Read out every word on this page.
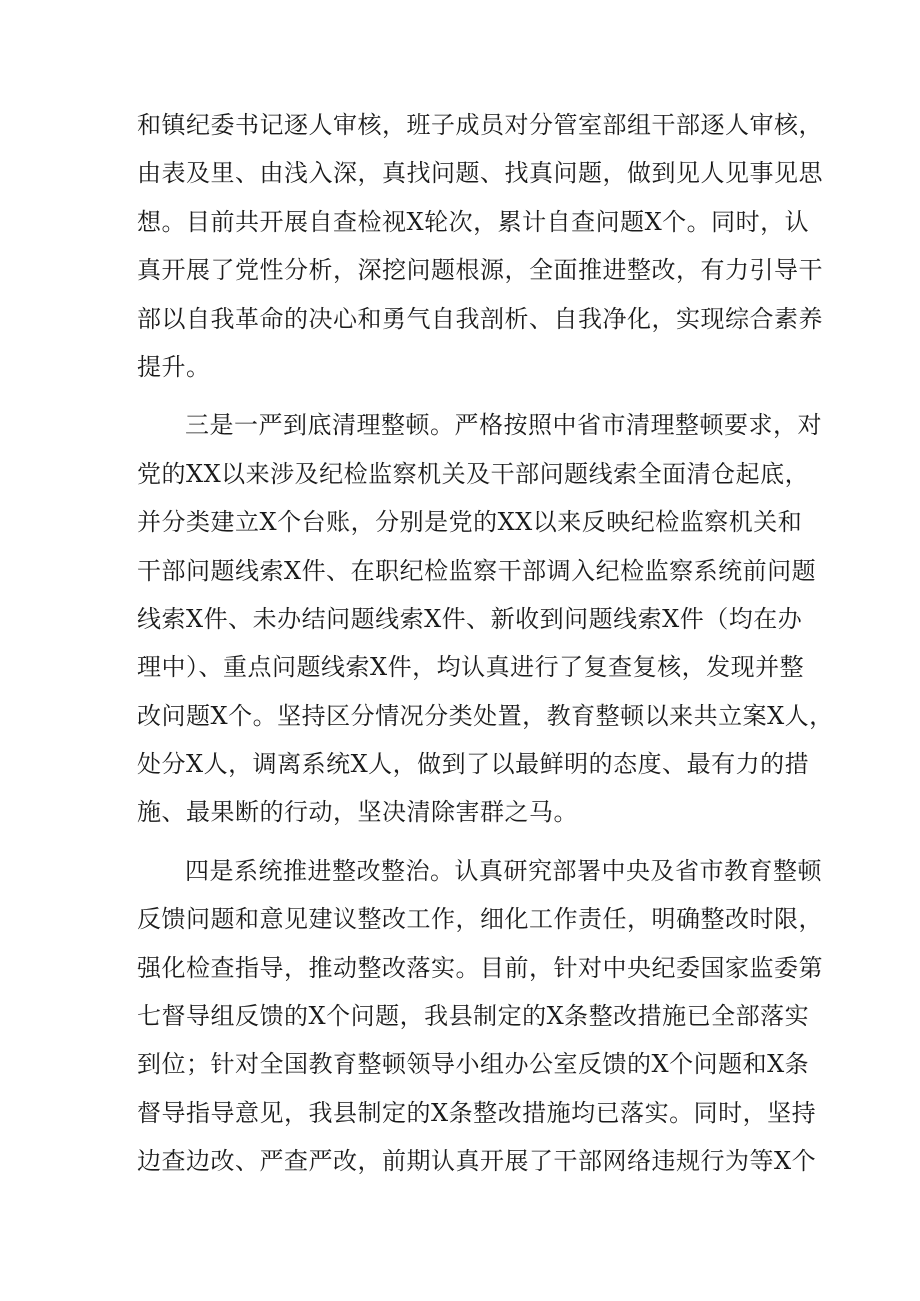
和镇纪委书记逐人审核，班子成员对分管室部组干部逐人审核，
由表及里、由浅入深，真找问题、找真问题，做到见人见事见思
想。目前共开展自查检视X轮次，累计自查问题X个。同时，认
真开展了党性分析，深挖问题根源，全面推进整改，有力引导干
部以自我革命的决心和勇气自我剖析、自我净化，实现综合素养
提升。
三是一严到底清理整顿。严格按照中省市清理整顿要求，对
党的XX以来涉及纪检监察机关及干部问题线索全面清仓起底，
并分类建立X个台账，分别是党的XX以来反映纪检监察机关和
干部问题线索X件、在职纪检监察干部调入纪检监察系统前问题
线索X件、未办结问题线索X件、新收到问题线索X件（均在办
理中）、重点问题线索X件，均认真进行了复查复核，发现并整
改问题X个。坚持区分情况分类处置，教育整顿以来共立案X人，
处分X人，调离系统X人，做到了以最鲜明的态度、最有力的措
施、最果断的行动，坚决清除害群之马。
四是系统推进整改整治。认真研究部署中央及省市教育整顿
反馈问题和意见建议整改工作，细化工作责任，明确整改时限，
强化检查指导，推动整改落实。目前，针对中央纪委国家监委第
七督导组反馈的X个问题，我县制定的X条整改措施已全部落实
到位；针对全国教育整顿领导小组办公室反馈的X个问题和X条
督导指导意见，我县制定的X条整改措施均已落实。同时，坚持
边查边改、严查严改，前期认真开展了干部网络违规行为等X个
